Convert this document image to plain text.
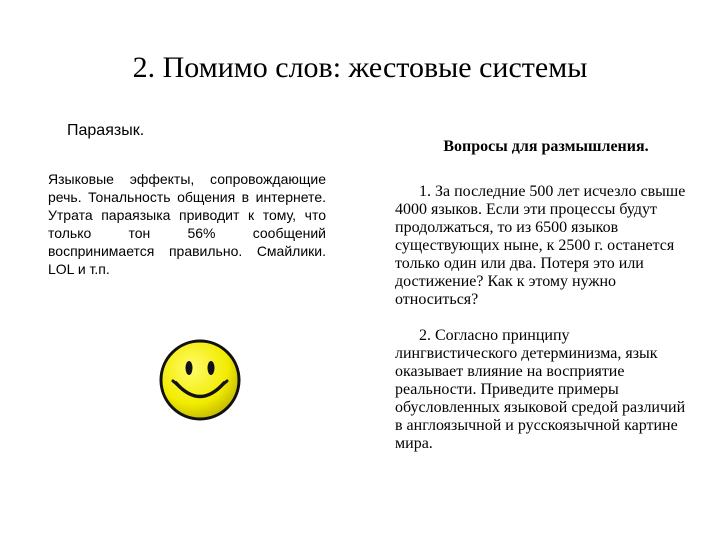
2. Помимо слов: жестовые системы
Параязык.
Языковые эффекты, сопровождающие речь. Тональность общения в интернете. Утрата параязыка приводит к тому, что только тон 56% сообщений воспринимается правильно. Смайлики. LOL и т.п.
Вопросы для размышления.
1. За последние 500 лет исчезло свыше 4000 языков. Если эти процессы будут продолжаться, то из 6500 языков существующих ныне, к 2500 г. останется только один или два. Потеря это или достижение? Как к этому нужно относиться?
2. Согласно принципу лингвистического детерминизма, язык оказывает влияние на восприятие реальности. Приведите примеры обусловленных языковой средой различий в англоязычной и русскоязычной картине мира.
